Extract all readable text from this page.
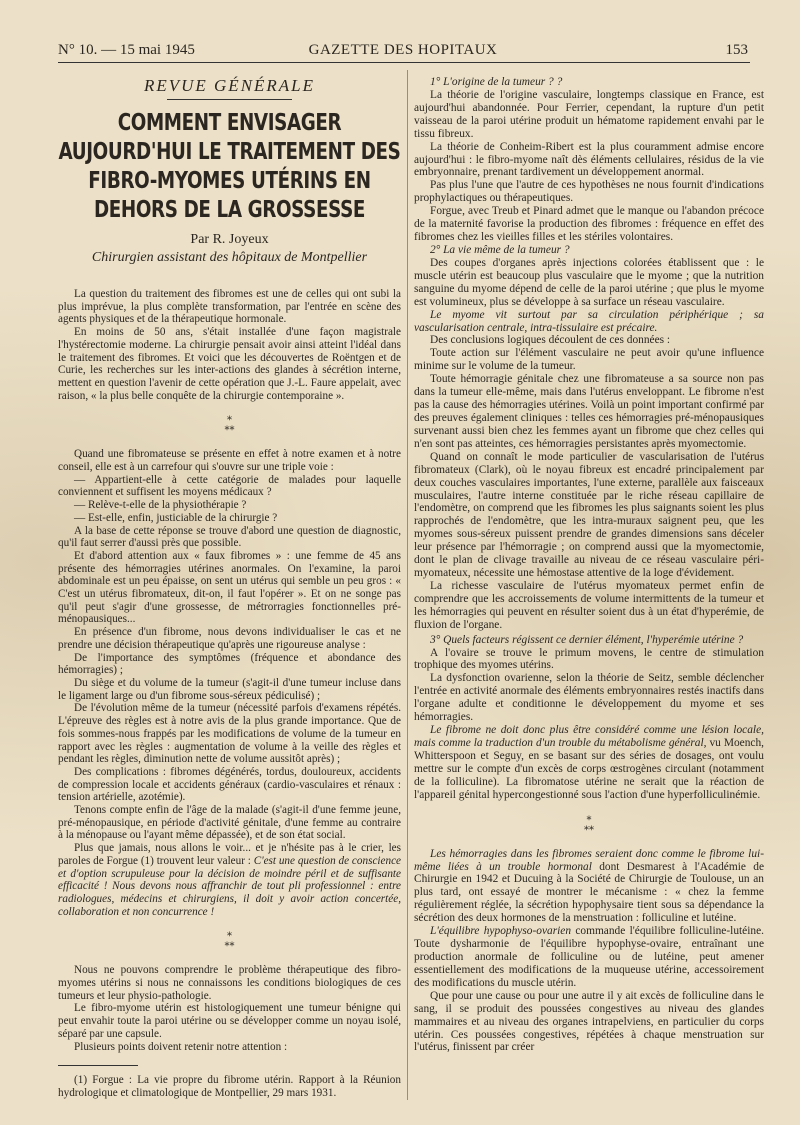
N° 10. — 15 mai 1945	GAZETTE DES HOPITAUX	153
REVUE GÉNÉRALE
COMMENT ENVISAGER AUJOURD'HUI LE TRAITEMENT DES FIBRO-MYOMES UTÉRINS EN DEHORS DE LA GROSSESSE
Par R. Joyeux
Chirurgien assistant des hôpitaux de Montpellier

La question du traitement des fibromes est une de celles qui ont subi la plus imprévue, la plus complète transformation, par l'entrée en scène des agents physiques et de la thérapeutique hormonale.

En moins de 50 ans, s'était installée d'une façon magistrale l'hystérectomie moderne. La chirurgie pensait avoir ainsi atteint l'idéal dans le traitement des fibromes. Et voici que les découvertes de Roëntgen et de Curie, les recherches sur les inter-actions des glandes à sécrétion interne, mettent en question l'avenir de cette opération que J.-L. Faure appelait, avec raison, « la plus belle conquête de la chirurgie contemporaine ».

*
**

Quand une fibromateuse se présente en effet à notre examen et à notre conseil, elle est à un carrefour qui s'ouvre sur une triple voie :

— Appartient-elle à cette catégorie de malades pour laquelle conviennent et suffisent les moyens médicaux ?

— Relève-t-elle de la physiothérapie ?

— Est-elle, enfin, justiciable de la chirurgie ?

A la base de cette réponse se trouve d'abord une question de diagnostic, qu'il faut serrer d'aussi près que possible.

Et d'abord attention aux « faux fibromes » : une femme de 45 ans présente des hémorragies utérines anormales. On l'examine, la paroi abdominale est un peu épaisse, on sent un utérus qui semble un peu gros : « C'est un utérus fibromateux, dit-on, il faut l'opérer ». Et on ne songe pas qu'il peut s'agir d'une grossesse, de métrorragies fonctionnelles pré-ménopausiques...

En présence d'un fibrome, nous devons individualiser le cas et ne prendre une décision thérapeutique qu'après une rigoureuse analyse :

De l'importance des symptômes (fréquence et abondance des hémorragies) ;

Du siège et du volume de la tumeur (s'agit-il d'une tumeur incluse dans le ligament large ou d'un fibrome sous-séreux pédiculisé) ;

De l'évolution même de la tumeur (nécessité parfois d'examens répétés. L'épreuve des règles est à notre avis de la plus grande importance. Que de fois sommes-nous frappés par les modifications de volume de la tumeur en rapport avec les règles : augmentation de volume à la veille des règles et pendant les règles, diminution nette de volume aussitôt après) ;

Des complications : fibromes dégénérés, tordus, douloureux, accidents de compression locale et accidents généraux (cardio-vasculaires et rénaux : tension artérielle, azotémie).

Tenons compte enfin de l'âge de la malade (s'agit-il d'une femme jeune, pré-ménopausique, en période d'activité génitale, d'une femme au contraire à la ménopause ou l'ayant même dépassée), et de son état social.

Plus que jamais, nous allons le voir... et je n'hésite pas à le crier, les paroles de Forgue (1) trouvent leur valeur : C'est une question de conscience et d'option scrupuleuse pour la décision de moindre péril et de suffisante efficacité ! Nous devons nous affranchir de tout pli professionnel : entre radiologues, médecins et chirurgiens, il doit y avoir action concertée, collaboration et non concurrence !

*
**

Nous ne pouvons comprendre le problème thérapeutique des fibro-myomes utérins si nous ne connaissons les conditions biologiques de ces tumeurs et leur physio-pathologie.

Le fibro-myome utérin est histologiquement une tumeur bénigne qui peut envahir toute la paroi utérine ou se développer comme un noyau isolé, séparé par une capsule.

Plusieurs points doivent retenir notre attention :

(1) Forgue : La vie propre du fibrome utérin. Rapport à la Réunion hydrologique et climatologique de Montpellier, 29 mars 1931.

1° L'origine de la tumeur ? ?

La théorie de l'origine vasculaire, longtemps classique en France, est aujourd'hui abandonnée. Pour Ferrier, cependant, la rupture d'un petit vaisseau de la paroi utérine produit un hématome rapidement envahi par le tissu fibreux.

La théorie de Conheim-Ribert est la plus couramment admise encore aujourd'hui : le fibro-myome naît dès éléments cellulaires, résidus de la vie embryonnaire, prenant tardivement un développement anormal.

Pas plus l'une que l'autre de ces hypothèses ne nous fournit d'indications prophylactiques ou thérapeutiques.

Forgue, avec Treub et Pinard admet que le manque ou l'abandon précoce de la maternité favorise la production des fibromes : fréquence en effet des fibromes chez les vieilles filles et les stériles volontaires.

2° La vie même de la tumeur ?

Des coupes d'organes après injections colorées établissent que : le muscle utérin est beaucoup plus vasculaire que le myome ; que la nutrition sanguine du myome dépend de celle de la paroi utérine ; que plus le myome est volumineux, plus se développe à sa surface un réseau vasculaire.

Le myome vit surtout par sa circulation périphérique ; sa vascularisation centrale, intra-tissulaire est précaire.

Des conclusions logiques découlent de ces données :

Toute action sur l'élément vasculaire ne peut avoir qu'une influence minime sur le volume de la tumeur.

Toute hémorragie génitale chez une fibromateuse a sa source non pas dans la tumeur elle-même, mais dans l'utérus enveloppant. Le fibrome n'est pas la cause des hémorragies utérines. Voilà un point important confirmé par des preuves également cliniques : telles ces hémorragies pré-ménopausiques survenant aussi bien chez les femmes ayant un fibrome que chez celles qui n'en sont pas atteintes, ces hémorragies persistantes après myomectomie.

Quand on connaît le mode particulier de vascularisation de l'utérus fibromateux (Clark), où le noyau fibreux est encadré principalement par deux couches vasculaires importantes, l'une externe, parallèle aux faisceaux musculaires, l'autre interne constituée par le riche réseau capillaire de l'endomètre, on comprend que les fibromes les plus saignants soient les plus rapprochés de l'endomètre, que les intra-muraux saignent peu, que les myomes sous-séreux puissent prendre de grandes dimensions sans déceler leur présence par l'hémorragie ; on comprend aussi que la myomectomie, dont le plan de clivage travaille au niveau de ce réseau vasculaire péri-myomateux, nécessite une hémostase attentive de la loge d'évidement.

La richesse vasculaire de l'utérus myomateux permet enfin de comprendre que les accroissements de volume intermittents de la tumeur et les hémorragies qui peuvent en résulter soient dus à un état d'hyperémie, de fluxion de l'organe.

3° Quels facteurs régissent ce dernier élément, l'hyperémie utérine ?

A l'ovaire se trouve le primum movens, le centre de stimulation trophique des myomes utérins.

La dysfonction ovarienne, selon la théorie de Seitz, semble déclencher l'entrée en activité anormale des éléments embryonnaires restés inactifs dans l'organe adulte et conditionne le développement du myome et ses hémorragies.

Le fibrome ne doit donc plus être considéré comme une lésion locale, mais comme la traduction d'un trouble du métabolisme général, vu Moench, Whitterspoon et Seguy, en se basant sur des séries de dosages, ont voulu mettre sur le compte d'un excès de corps œstrogènes circulant (notamment de la folliculine). La fibromatose utérine ne serait que la réaction de l'appareil génital hypercongestionné sous l'action d'une hyperfolliculinémie.

*
**

Les hémorragies dans les fibromes seraient donc comme le fibrome lui-même liées à un trouble hormonal dont Desmarest à l'Académie de Chirurgie en 1942 et Ducuing à la Société de Chirurgie de Toulouse, un an plus tard, ont essayé de montrer le mécanisme : « chez la femme régulièrement réglée, la sécrétion hypophysaire tient sous sa dépendance la sécrétion des deux hormones de la menstruation : folliculine et lutéine.

L'équilibre hypophyso-ovarien commande l'équilibre folliculine-lutéine. Toute dysharmonie de l'équilibre hypophyse-ovaire, entraînant une production anormale de folliculine ou de lutéine, peut amener essentiellement des modifications de la muqueuse utérine, accessoirement des modifications du muscle utérin.

Que pour une cause ou pour une autre il y ait excès de folliculine dans le sang, il se produit des poussées congestives au niveau des glandes mammaires et au niveau des organes intrapelviens, en particulier du corps utérin. Ces poussées congestives, répétées à chaque menstruation sur l'utérus, finissent par créer
